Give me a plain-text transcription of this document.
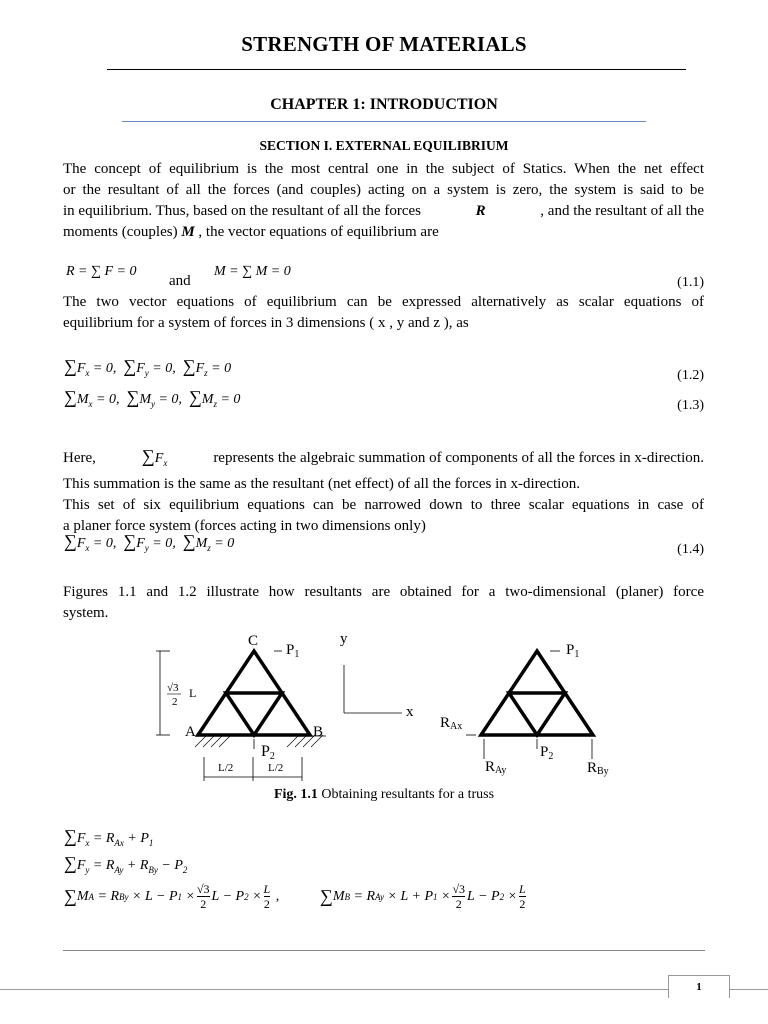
STRENGTH OF MATERIALS
CHAPTER 1: INTRODUCTION
SECTION I. EXTERNAL EQUILIBRIUM
The concept of equilibrium is the most central one in the subject of Statics. When the net effect
or the resultant of all the forces (and couples) acting on a system is zero, the system is said to be
in equilibrium. Thus, based on the resultant of all the forces	R	, and the resultant of all the
moments (couples) M , the vector equations of equilibrium are
R = ∑ F = 0
and
M = ∑ M = 0
(1.1)
The two vector equations of equilibrium can be expressed alternatively as scalar equations of
equilibrium for a system of forces in 3 dimensions ( x , y and z ), as
$\sum F_x = 0$,  $\sum F_y = 0$,  $\sum F_z = 0$	(1.2)
$\sum M_x = 0$,  $\sum M_y = 0$,  $\sum M_z = 0$	(1.3)
Here,	$\sum F_x$	represents the algebraic summation of components of all the forces in x-direction.
This summation is the same as the resultant (net effect) of all the forces in x-direction.
This set of six equilibrium equations can be narrowed down to three scalar equations in case of
a planer force system (forces acting in two dimensions only)
$\sum F_x = 0$,  $\sum F_y = 0$,  $\sum M_z = 0$	(1.4)
Figures 1.1 and 1.2 illustrate how resultants are obtained for a two-dimensional (planer) force
system.
C
$P_1$
√3
2
L
A	B
P2
L/2	L/2
y
x
$P_1$
RAx
RAy
$P_2$
RBy
Fig. 1.1 Obtaining resultants for a truss
$\sum F_x = R_{Ax} + P_1$
$\sum F_y = R_{Ay} + R_{By} - P_2$
∑ M A = R By × L − P 1 × √3
2
L − P 2 × L
2
, ∑ M B = R Ay × L + P 1 × √3
2
L − P 2 × L
2
1
